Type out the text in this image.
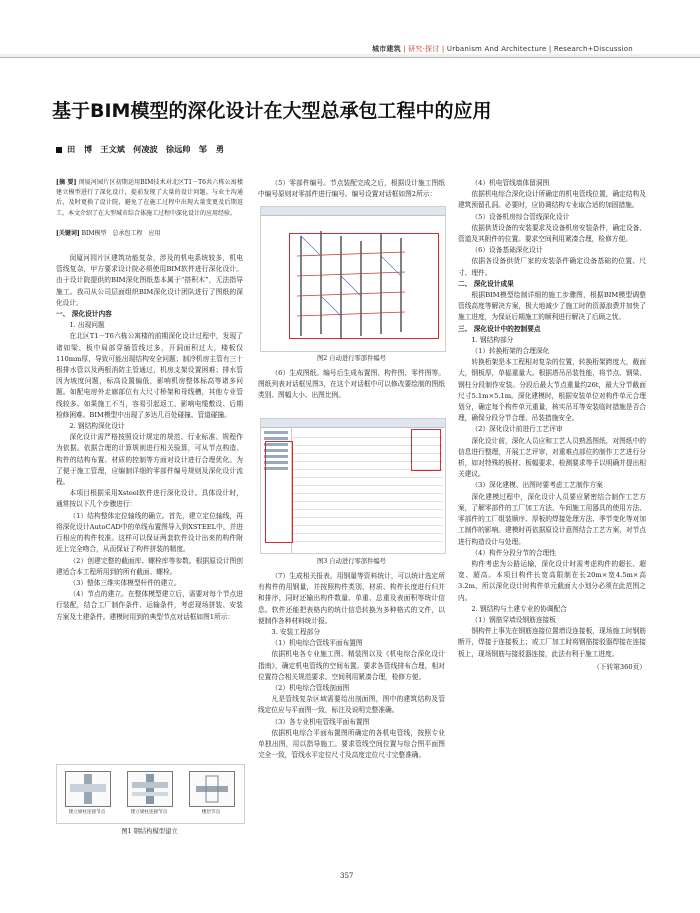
城市建筑 | 研究·探讨 | Urbanism And Architecture | Research+Discussion
基于BIM模型的深化设计在大型总承包工程中的应用
田 博　王文斌　何凌波　徐远帅　邹 勇

[摘 要] 闵厦河园片区初期运用BIM技术对北区T1－T6共六栋公寓楼建立模型进行了深化设计，提前发现了大量的设计问题。与业主沟通后，及时更换了设计院，避免了在施工过程中出现大量变更及后期返工。本文介绍了在大型城市综合体施工过程中深化设计的应用经验。

[关键词] BIM模型　总承包工程　应用

闵厦河园片区建筑功能复杂，涉及的机电系统较多，机电管线复杂，甲方要求设计院必须使用BIM软件进行深化设计。由于设计院提供的BIM深化图纸基本属于“搭积木”，无法指导施工。我司从公司层面组织BIM深化设计团队进行了图纸的深化设计。

一、 深化设计内容

1. 出现问题

在北区T1－T6六栋公寓楼的前期深化设计过程中，发现了诸如梁、板中局部穿插管线过多，开洞面积过大，楼板仅110mm厚，导致可能出现结构安全问题；制冷机房主管有三十根排水管以及两根消防主管通过，机房支架设置困难；排水管因为坡度问题，标高设置偏低，影响机房整体标高等诸多问题。如配电房外走廊部位有大尺寸桥架和母线槽，其他专业管线较多。如果施工不当，容易引起返工、影响电缆敷设、后期检修困难。BIM模型中出现了多达几百处碰撞、管道碰撞。

2. 钢结构深化设计

深化设计需严格按照设计规定的规范、行业标准、规程作为依据。依据合理的计算规则进行相关验算，可从节点构造、构件的结构布置、材质的控制等方面对设计进行合理优化。为了便于施工管理，应编制详细的零部件编号规则及深化设计流程。

本项目根据采用Xsteel软件进行深化设计。具体设计时，通常按以下几个步骤进行：

（1）结构整体定位轴线的确立。首先，建立定位轴线，再将深化设计AutoCAD中的单线布置图导入到XSTEEL中，并进行相应的构件校准。这样可以保证两套软件设计出来的构件附近上完全吻合，从而保证了构件拼装的精度。

（2）创建完整的截面库、螺栓库等参数。根据原设计图创建适合本工程所用到的所有截面、螺栓。

（3）整体三维实体模型杆件的建立。

（4）节点的建立。在整体模型建立后，需要对每个节点进行装配，结合工厂制作条件、运输条件，考虑现场拼装、安装方案及土建条件。建模时用到的典型节点对话框如图1所示：

建立梁柱连接节点	建立梁柱连接节点	楼层节点
图1 钢结构模型建立

（5）零部件编号。节点装配完成之后，根据设计施工图纸中编号原则对零部件进行编号。编号设置对话框如图2所示：

图2 自动进行零部件编号

（6）生成图纸。编号后生成布置图、构件图、零件图等。图纸列表对话框见图3，在这个对话框中可以修改要绘制的图纸类别、图幅大小、出图比例。

图3 自动进行零部件编号

（7）生成相关报表。用钢量等资料统计，可以统计选定所有构件的用钢量，并按照构件类别、材质、构件长度进行归并和排序，同时还输出构件数量、单重、总重及表面积等统计信息。软件还能把表格内的统计信息转换为多种格式的文件，以便制作各种材料统计报。

3. 安装工程部分

（1）机电综合管线平面布置图

依据机电各专业施工图、精装图以及《机电综合深化设计指南》，确定机电管线的空间布置。要求各管线排布合理，相对位置符合相关规范要求。空间利用紧凑合理，检修方便。

（2）机电综合管线剖面图

凡是管线复杂区域需要给出剖面图，图中的建筑结构及管线定位应与平面图一致，标注及说明完整准确。

（3）各专业机电管线平面布置图

依据机电综合平面布置图所确定的各机电管线，按照专业单独出图，用以指导施工。要求管线空间位置与综合图平面图完全一致，管线水平定位尺寸及高度定位尺寸完整准确。

（4）机电管线墙体留洞图

依据机电综合深化设计所确定的机电管线位置，确定结构及建筑预留孔洞。必要时，应协调结构专业取合适的加固措施。

（5）设备机房综合管线深化设计

依据供货设备的安装要求及设备机房安装条件，确定设备、管道及其附件的位置。要求空间利用紧凑合理，检修方便。

（6）设备基础深化设计

依据各设备供货厂家的安装条件确定设备基础的位置、尺寸、埋件。

二、 深化设计成果

根据BIM模型绘制详细的施工步骤图，根据BIM模型调整管线高度等解决方案，极大地减少了施工时的资源浪费并加快了施工进度，为保证后期施工的顺利进行解决了后顾之忧。

三、 深化设计中的控制要点

1. 钢结构部分

（1）转换桁架的合理深化

转换桁架是本工程相对复杂的位置，转换桁架跨度大，截面大，钢板厚，单榀重量大。根据塔吊吊装性能，将节点、钢梁、钢柱分段制作安装。分段后最大节点重量约26t，最大分节截面尺寸5.1m×5.1m。深化建模时，根据安装单位对构件单元合理划分，确定每个构件单元重量，核实吊耳等安装临时措施是否合理，确保分段分节合理、吊装措施安全。

（2）深化设计前进行工艺评审

深化设计前，深化人员应和工艺人员熟悉图纸，对图纸中的信息进行整理，开展工艺评审，对重难点部位的制作工艺进行分析，如对特殊的板材、板幅要求、检测要求等予以明确并提出相关建议。

（3）深化建模、出图时要考虑工艺制作方案

深化建模过程中，深化设计人员要应紧密结合制作工艺方案，了解零部件的工厂加工方法、车间施工用器具的使用方法、零部件的工厂组装顺序、厚板的焊接处理方法、季节变化等对加工制作的影响。建模时再依据原设计意图结合工艺方案，对节点进行构造设计与处理。

（4）构件分段分节的合理性

构件考虑为公路运输，深化设计时需考虑构件的超长、超宽、超高。本项目构件长宽高限制在长20m×宽4.5m×高3.2m，所以深化设计时构件单元截面大小划分必须在此范围之内。

2. 钢结构与土建专业的协调配合

（1）钢筋穿墙设钢筋连接板

钢构件上事先在钢筋连接位置增设连接板，现场施工时钢筋断开，焊接于连接板上；或工厂加工时将钢筋接驳器焊接在连接板上，现场钢筋与接驳器连接，此法有利于施工进度。

（下转第360页）

357
